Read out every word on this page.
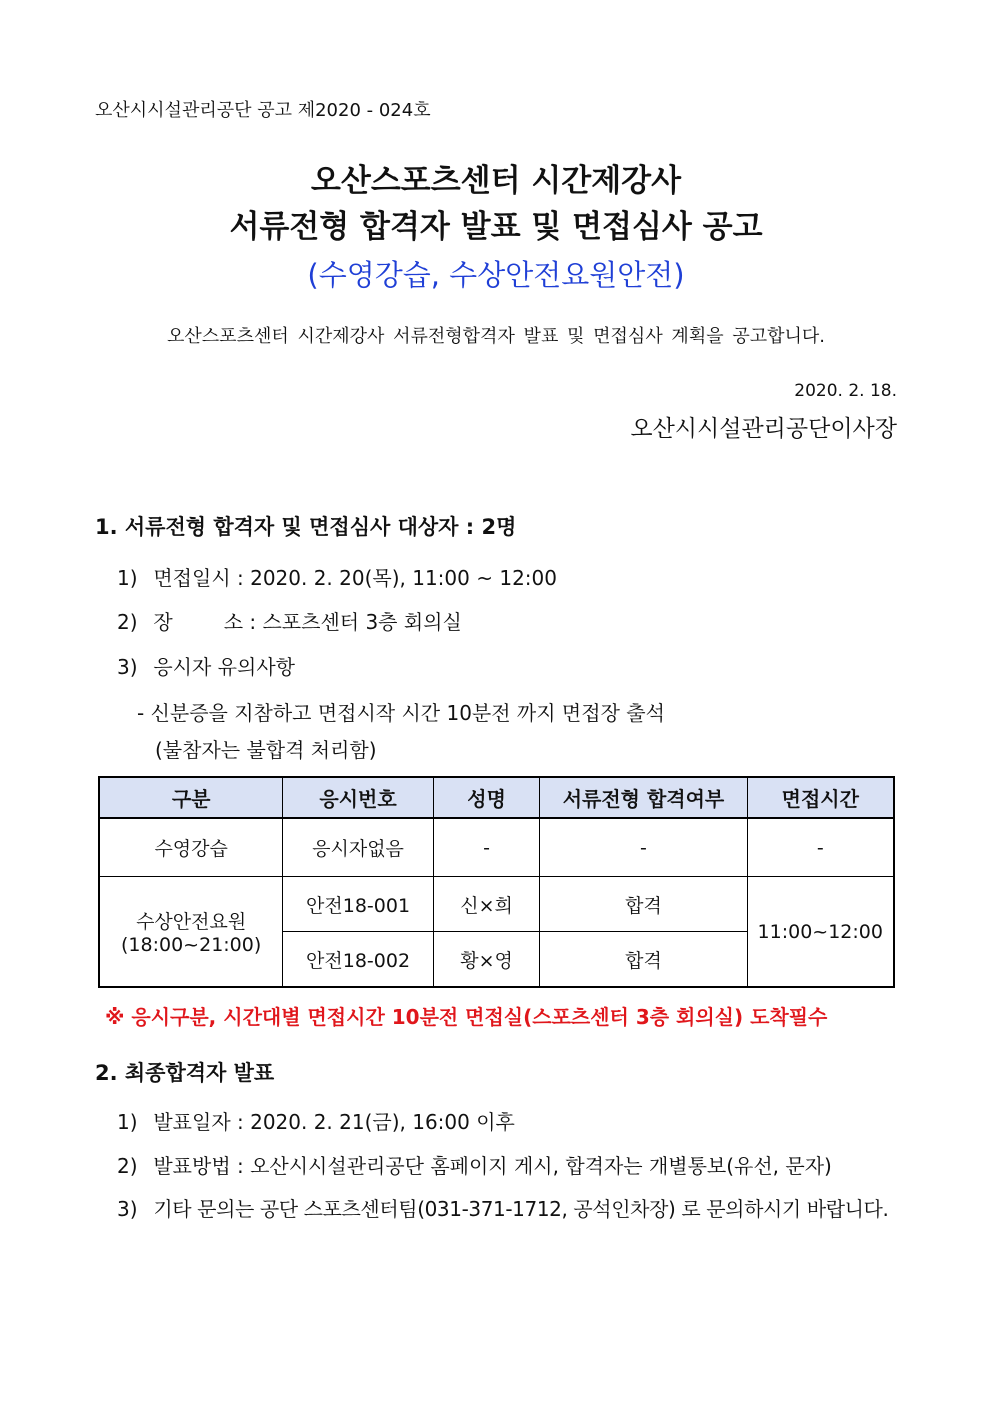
오산시시설관리공단 공고 제2020 - 024호
오산스포츠센터 시간제강사
서류전형 합격자 발표 및 면접심사 공고
(수영강습, 수상안전요원안전)
오산스포츠센터 시간제강사 서류전형합격자 발표 및 면접심사 계획을 공고합니다.
2020. 2. 18.
오산시시설관리공단이사장
1. 서류전형 합격자 및 면접심사 대상자 : 2명
1) 면접일시 : 2020. 2. 20(목), 11:00 ~ 12:00
2) 장	소 : 스포츠센터 3층 회의실
3) 응시자 유의사항
- 신분증을 지참하고 면접시작 시간 10분전 까지 면접장 출석
(불참자는 불합격 처리함)
구분	응시번호	성명	서류전형 합격여부	면접시간
수영강습	응시자없음	-	-	-

수상안전요원
(18:00~21:00)	안전18-001	신×희	합격	11:00~12:00
	안전18-002	황×영	합격	
※ 응시구분, 시간대별 면접시간 10분전 면접실(스포츠센터 3층 회의실) 도착필수
2. 최종합격자 발표
1) 발표일자 : 2020. 2. 21(금), 16:00 이후
2) 발표방법 : 오산시시설관리공단 홈페이지 게시, 합격자는 개별통보(유선, 문자)
3) 기타 문의는 공단 스포츠센터팀(031-371-1712, 공석인차장) 로 문의하시기 바랍니다.
